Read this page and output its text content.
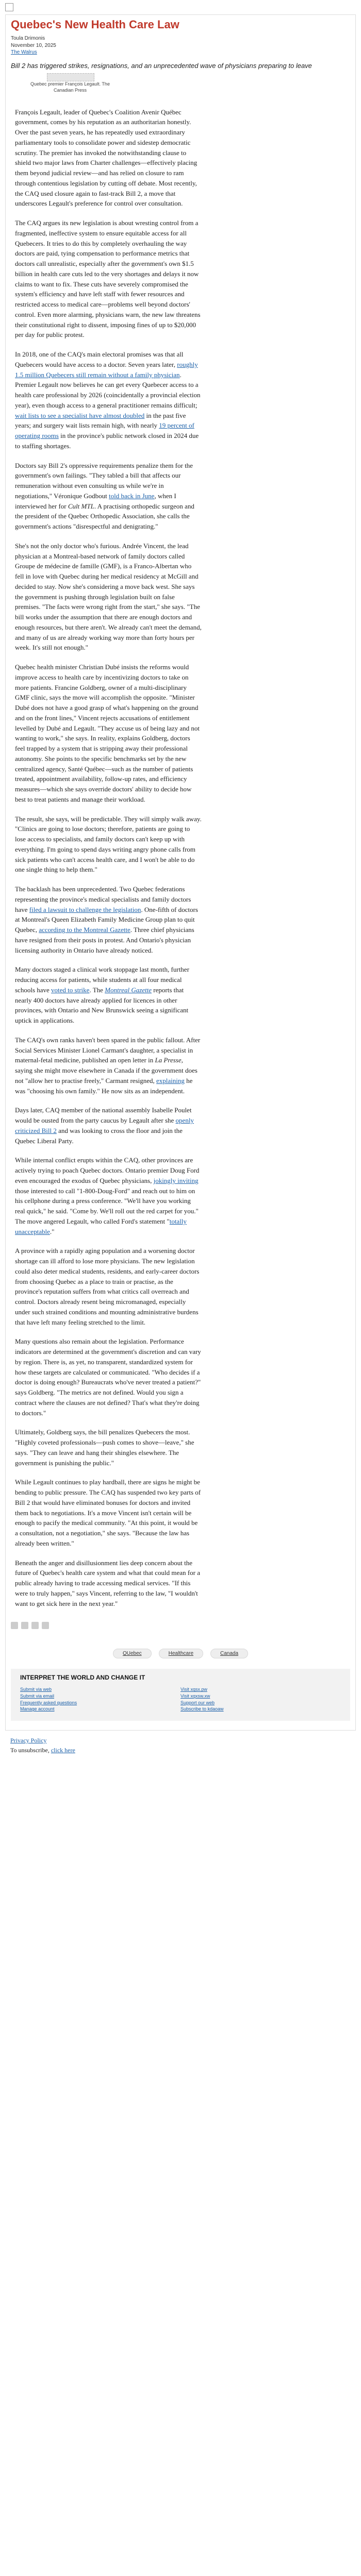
Quebec's New Health Care Law
Toula Drimonis
November 10, 2025
The Walrus

Bill 2 has triggered strikes, resignations, and an unprecedented wave of physicians preparing to leave

Quebec premier François Legault. The Canadian Press

François Legault, leader of Quebec's Coalition Avenir Québec government, comes by his reputation as an authoritarian honestly. Over the past seven years, he has repeatedly used extraordinary parliamentary tools to consolidate power and sidestep democratic scrutiny. The premier has invoked the notwithstanding clause to shield two major laws from Charter challenges—effectively placing them beyond judicial review—and has relied on closure to ram through contentious legislation by cutting off debate. Most recently, the CAQ used closure again to fast-track Bill 2, a move that underscores Legault's preference for control over consultation.

The CAQ argues its new legislation is about wresting control from a fragmented, ineffective system to ensure equitable access for all Quebecers. It tries to do this by completely overhauling the way doctors are paid, tying compensation to performance metrics that doctors call unrealistic, especially after the government's own $1.5 billion in health care cuts led to the very shortages and delays it now claims to want to fix. These cuts have severely compromised the system's efficiency and have left staff with fewer resources and restricted access to medical care—problems well beyond doctors' control. Even more alarming, physicians warn, the new law threatens their constitutional right to dissent, imposing fines of up to $20,000 per day for public protest.

In 2018, one of the CAQ's main electoral promises was that all Quebecers would have access to a doctor. Seven years later, roughly 1.5 million Quebecers still remain without a family physician. Premier Legault now believes he can get every Quebecer access to a health care professional by 2026 (coincidentally a provincial election year), even though access to a general practitioner remains difficult; wait lists to see a specialist have almost doubled in the past five years; and surgery wait lists remain high, with nearly 19 percent of operating rooms in the province's public network closed in 2024 due to staffing shortages.

Doctors say Bill 2's oppressive requirements penalize them for the government's own failings. "They tabled a bill that affects our remuneration without even consulting us while we're in negotiations," Véronique Godbout told back in June, when I interviewed her for Cult MTL. A practising orthopedic surgeon and the president of the Quebec Orthopedic Association, she calls the government's actions "disrespectful and denigrating."

She's not the only doctor who's furious. Andrée Vincent, the lead physician at a Montreal-based network of family doctors called Groupe de médecine de famille (GMF), is a Franco-Albertan who fell in love with Quebec during her medical residency at McGill and decided to stay. Now she's considering a move back west. She says the government is pushing through legislation built on false premises. "The facts were wrong right from the start," she says. "The bill works under the assumption that there are enough doctors and enough resources, but there aren't. We already can't meet the demand, and many of us are already working way more than forty hours per week. It's still not enough."

Quebec health minister Christian Dubé insists the reforms would improve access to health care by incentivizing doctors to take on more patients. Francine Goldberg, owner of a multi-disciplinary GMF clinic, says the move will accomplish the opposite. "Minister Dubé does not have a good grasp of what's happening on the ground and on the front lines," Vincent rejects accusations of entitlement levelled by Dubé and Legault. "They accuse us of being lazy and not wanting to work," she says. In reality, explains Goldberg, doctors feel trapped by a system that is stripping away their professional autonomy. She points to the specific benchmarks set by the new centralized agency, Santé Québec—such as the number of patients treated, appointment availability, follow-up rates, and efficiency measures—which she says override doctors' ability to decide how best to treat patients and manage their workload.

The result, she says, will be predictable. They will simply walk away. "Clinics are going to lose doctors; therefore, patients are going to lose access to specialists, and family doctors can't keep up with everything. I'm going to spend days writing angry phone calls from sick patients who can't access health care, and I won't be able to do one single thing to help them."

The backlash has been unprecedented. Two Quebec federations representing the province's medical specialists and family doctors have filed a lawsuit to challenge the legislation. One-fifth of doctors at Montreal's Queen Elizabeth Family Medicine Group plan to quit Quebec, according to the Montreal Gazette. Three chief physicians have resigned from their posts in protest. And Ontario's physician licensing authority in Ontario have already noticed.

Many doctors staged a clinical work stoppage last month, further reducing access for patients, while students at all four medical schools have voted to strike. The Montreal Gazette reports that nearly 400 doctors have already applied for licences in other provinces, with Ontario and New Brunswick seeing a significant uptick in applications.

The CAQ's own ranks haven't been spared in the public fallout. After Social Services Minister Lionel Carmant's daughter, a specialist in maternal-fetal medicine, published an open letter in La Presse, saying she might move elsewhere in Canada if the government does not "allow her to practise freely," Carmant resigned, explaining he was "choosing his own family." He now sits as an independent.

Days later, CAQ member of the national assembly Isabelle Poulet would be ousted from the party caucus by Legault after she openly criticized Bill 2 and was looking to cross the floor and join the Quebec Liberal Party.

While internal conflict erupts within the CAQ, other provinces are actively trying to poach Quebec doctors. Ontario premier Doug Ford even encouraged the exodus of Quebec physicians, jokingly inviting those interested to call "1-800-Doug-Ford" and reach out to him on his cellphone during a press conference. "We'll have you working real quick," he said. "Come by. We'll roll out the red carpet for you." The move angered Legault, who called Ford's statement "totally unacceptable."

A province with a rapidly aging population and a worsening doctor shortage can ill afford to lose more physicians. The new legislation could also deter medical students, residents, and early-career doctors from choosing Quebec as a place to train or practise, as the province's reputation suffers from what critics call overreach and control. Doctors already resent being micromanaged, especially under such strained conditions and mounting administrative burdens that have left many feeling stretched to the limit.

Many questions also remain about the legislation. Performance indicators are determined at the government's discretion and can vary by region. There is, as yet, no transparent, standardized system for how these targets are calculated or communicated. "Who decides if a doctor is doing enough? Bureaucrats who've never treated a patient?" says Goldberg. "The metrics are not defined. Would you sign a contract where the clauses are not defined? That's what they're doing to doctors."

Ultimately, Goldberg says, the bill penalizes Quebecers the most. "Highly coveted professionals—push comes to shove—leave," she says. "They can leave and hang their shingles elsewhere. The government is punishing the public."

While Legault continues to play hardball, there are signs he might be bending to public pressure. The CAQ has suspended two key parts of Bill 2 that would have eliminated bonuses for doctors and invited them back to negotiations. It's a move Vincent isn't certain will be enough to pacify the medical community. "At this point, it would be a consultation, not a negotiation," she says. "Because the law has already been written."

Beneath the anger and disillusionment lies deep concern about the future of Quebec's health care system and what that could mean for a public already having to trade accessing medical services. "If this were to truly happen," says Vincent, referring to the law, "I wouldn't want to get sick here in the next year."

QUebec	Healthcare	Canada
INTERPRET THE WORLD AND CHANGE IT
Submit via web
Submit via email
Frequently asked questions
Manage account
Visit xqsx.pw
Visit xqxsw.xw
Support our web
Subscribe to kdaoaw
Privacy Policy
To unsubscribe, click here
